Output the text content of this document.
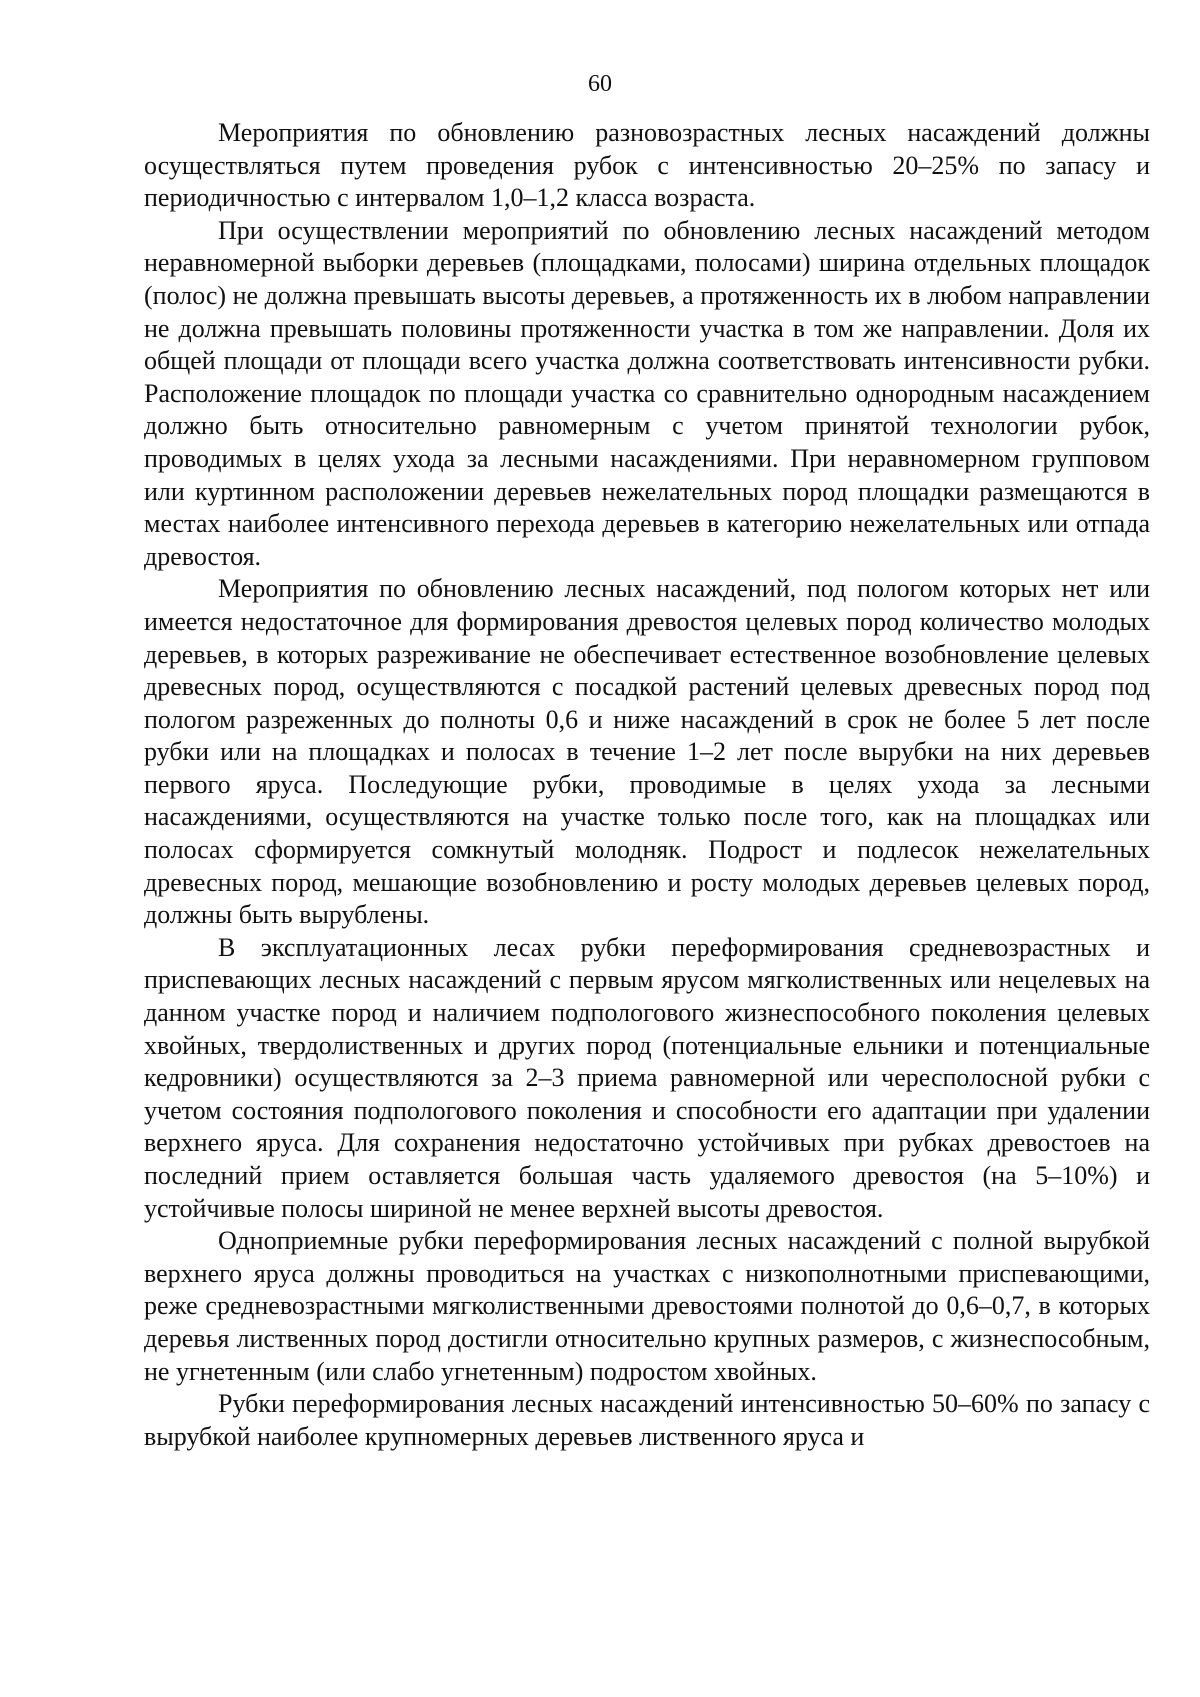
60

Мероприятия по обновлению разновозрастных лесных насаждений должны осуществляться путем проведения рубок с интенсивностью 20–25% по запасу и периодичностью с интервалом 1,0–1,2 класса возраста.

При осуществлении мероприятий по обновлению лесных насаждений методом неравномерной выборки деревьев (площадками, полосами) ширина отдельных площадок (полос) не должна превышать высоты деревьев, а протяженность их в любом направлении не должна превышать половины протяженности участка в том же направлении. Доля их общей площади от площади всего участка должна соответствовать интенсивности рубки. Расположение площадок по площади участка со сравнительно однородным насаждением должно быть относительно равномерным с учетом принятой технологии рубок, проводимых в целях ухода за лесными насаждениями. При неравномерном групповом или куртинном расположении деревьев нежелательных пород площадки размещаются в местах наиболее интенсивного перехода деревьев в категорию нежелательных или отпада древостоя.

Мероприятия по обновлению лесных насаждений, под пологом которых нет или имеется недостаточное для формирования древостоя целевых пород количество молодых деревьев, в которых разреживание не обеспечивает естественное возобновление целевых древесных пород, осуществляются с посадкой растений целевых древесных пород под пологом разреженных до полноты 0,6 и ниже насаждений в срок не более 5 лет после рубки или на площадках и полосах в течение 1–2 лет после вырубки на них деревьев первого яруса. Последующие рубки, проводимые в целях ухода за лесными насаждениями, осуществляются на участке только после того, как на площадках или полосах сформируется сомкнутый молодняк. Подрост и подлесок нежелательных древесных пород, мешающие возобновлению и росту молодых деревьев целевых пород, должны быть вырублены.

В эксплуатационных лесах рубки переформирования средневозрастных и приспевающих лесных насаждений с первым ярусом мягколиственных или нецелевых на данном участке пород и наличием подпологового жизнеспособного поколения целевых хвойных, твердолиственных и других пород (потенциальные ельники и потенциальные кедровники) осуществляются за 2–3 приема равномерной или чересполосной рубки с учетом состояния подпологового поколения и способности его адаптации при удалении верхнего яруса. Для сохранения недостаточно устойчивых при рубках древостоев на последний прием оставляется большая часть удаляемого древостоя (на 5–10%) и устойчивые полосы шириной не менее верхней высоты древостоя.

Одноприемные рубки переформирования лесных насаждений с полной вырубкой верхнего яруса должны проводиться на участках с низкополнотными приспевающими, реже средневозрастными мягколиственными древостоями полнотой до 0,6–0,7, в которых деревья лиственных пород достигли относительно крупных размеров, с жизнеспособным, не угнетенным (или слабо угнетенным) подростом хвойных.

Рубки переформирования лесных насаждений интенсивностью 50–60% по запасу с вырубкой наиболее крупномерных деревьев лиственного яруса и
